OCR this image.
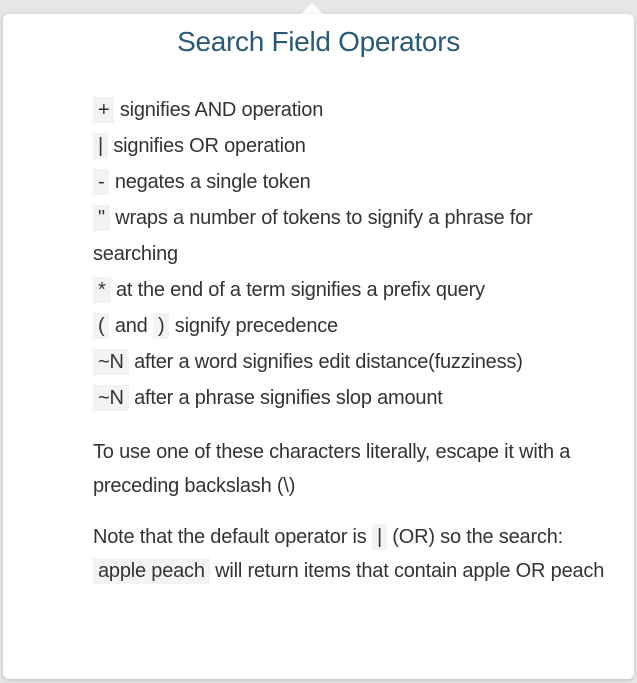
Search Field Operators

+ signifies AND operation

| signifies OR operation

- negates a single token

" wraps a number of tokens to signify a phrase for searching

* at the end of a term signifies a prefix query

( and ) signify precedence

~N after a word signifies edit distance(fuzziness)

~N after a phrase signifies slop amount

To use one of these characters literally, escape it with a preceding backslash (\)

Note that the default operator is | (OR) so the search: apple peach will return items that contain apple OR peach
